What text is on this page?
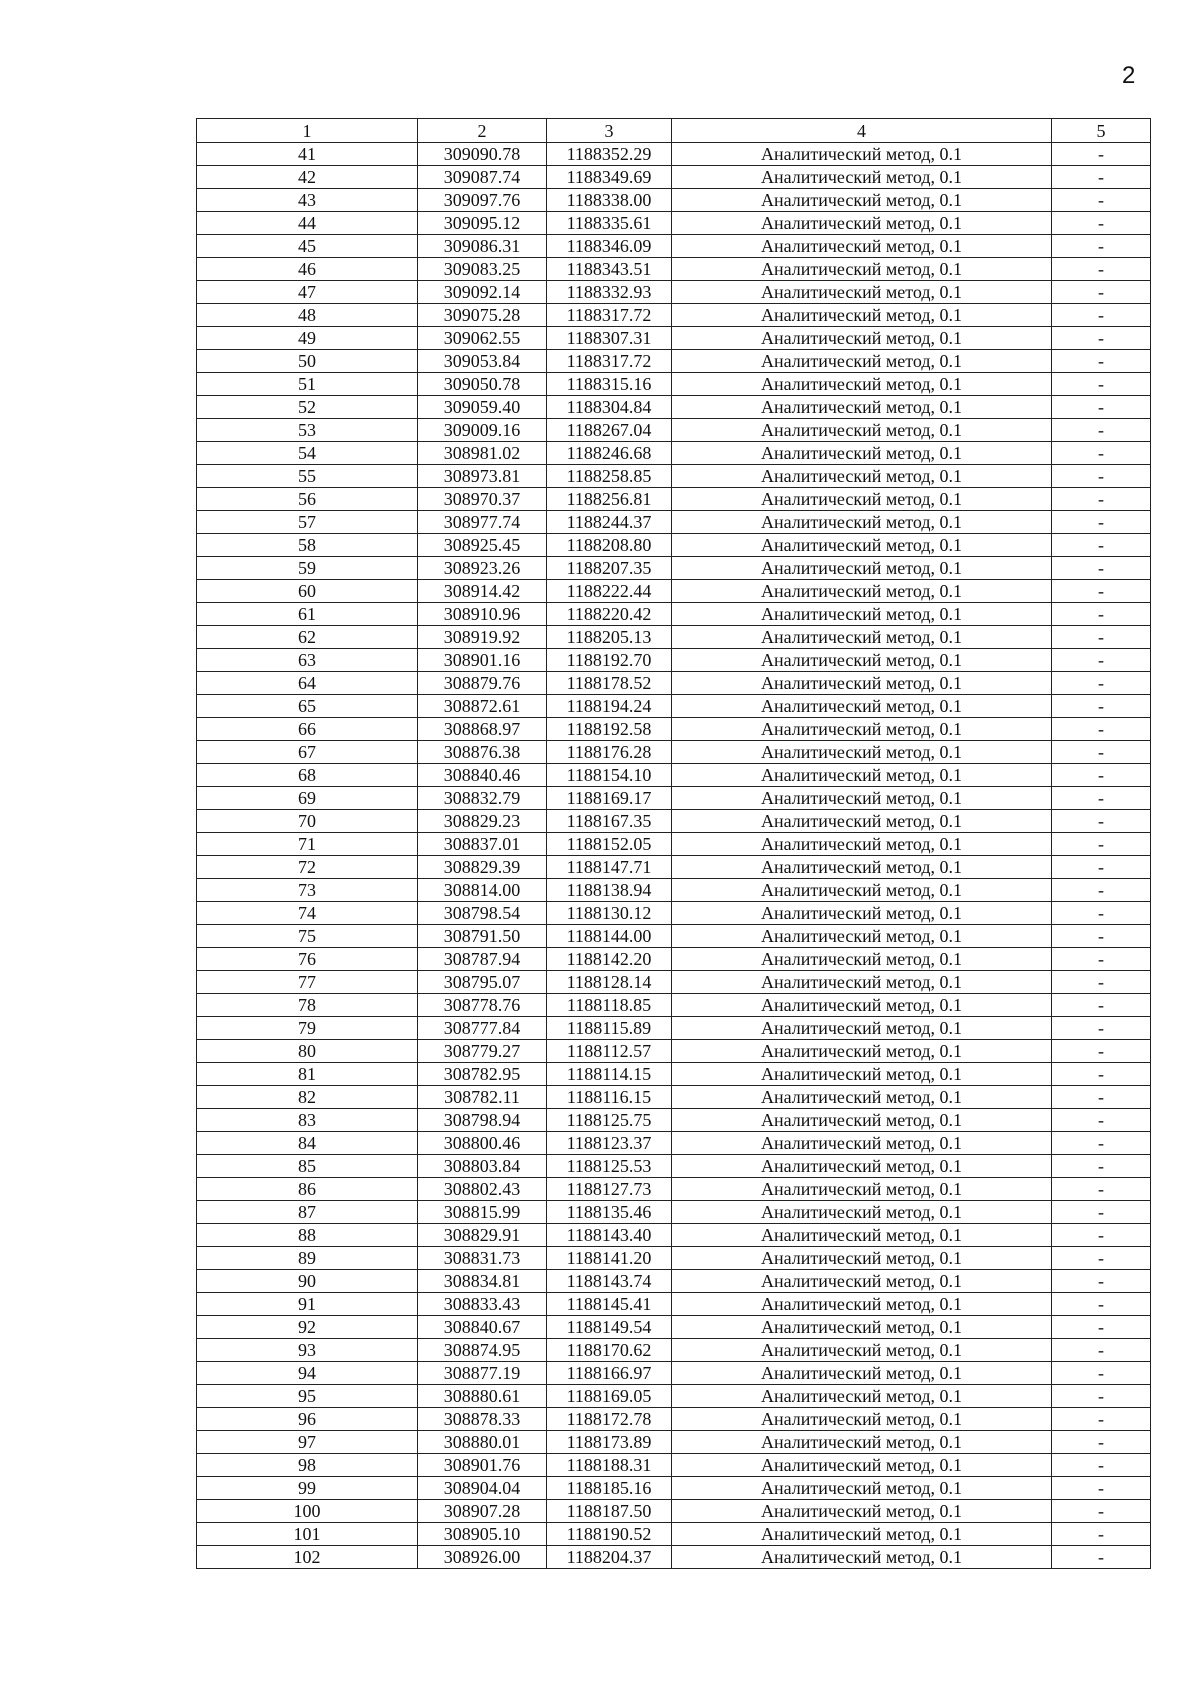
2
1	2	3	4	5
41	309090.78	1188352.29	Аналитический метод, 0.1	-
42	309087.74	1188349.69	Аналитический метод, 0.1	-
43	309097.76	1188338.00	Аналитический метод, 0.1	-
44	309095.12	1188335.61	Аналитический метод, 0.1	-
45	309086.31	1188346.09	Аналитический метод, 0.1	-
46	309083.25	1188343.51	Аналитический метод, 0.1	-
47	309092.14	1188332.93	Аналитический метод, 0.1	-
48	309075.28	1188317.72	Аналитический метод, 0.1	-
49	309062.55	1188307.31	Аналитический метод, 0.1	-
50	309053.84	1188317.72	Аналитический метод, 0.1	-
51	309050.78	1188315.16	Аналитический метод, 0.1	-
52	309059.40	1188304.84	Аналитический метод, 0.1	-
53	309009.16	1188267.04	Аналитический метод, 0.1	-
54	308981.02	1188246.68	Аналитический метод, 0.1	-
55	308973.81	1188258.85	Аналитический метод, 0.1	-
56	308970.37	1188256.81	Аналитический метод, 0.1	-
57	308977.74	1188244.37	Аналитический метод, 0.1	-
58	308925.45	1188208.80	Аналитический метод, 0.1	-
59	308923.26	1188207.35	Аналитический метод, 0.1	-
60	308914.42	1188222.44	Аналитический метод, 0.1	-
61	308910.96	1188220.42	Аналитический метод, 0.1	-
62	308919.92	1188205.13	Аналитический метод, 0.1	-
63	308901.16	1188192.70	Аналитический метод, 0.1	-
64	308879.76	1188178.52	Аналитический метод, 0.1	-
65	308872.61	1188194.24	Аналитический метод, 0.1	-
66	308868.97	1188192.58	Аналитический метод, 0.1	-
67	308876.38	1188176.28	Аналитический метод, 0.1	-
68	308840.46	1188154.10	Аналитический метод, 0.1	-
69	308832.79	1188169.17	Аналитический метод, 0.1	-
70	308829.23	1188167.35	Аналитический метод, 0.1	-
71	308837.01	1188152.05	Аналитический метод, 0.1	-
72	308829.39	1188147.71	Аналитический метод, 0.1	-
73	308814.00	1188138.94	Аналитический метод, 0.1	-
74	308798.54	1188130.12	Аналитический метод, 0.1	-
75	308791.50	1188144.00	Аналитический метод, 0.1	-
76	308787.94	1188142.20	Аналитический метод, 0.1	-
77	308795.07	1188128.14	Аналитический метод, 0.1	-
78	308778.76	1188118.85	Аналитический метод, 0.1	-
79	308777.84	1188115.89	Аналитический метод, 0.1	-
80	308779.27	1188112.57	Аналитический метод, 0.1	-
81	308782.95	1188114.15	Аналитический метод, 0.1	-
82	308782.11	1188116.15	Аналитический метод, 0.1	-
83	308798.94	1188125.75	Аналитический метод, 0.1	-
84	308800.46	1188123.37	Аналитический метод, 0.1	-
85	308803.84	1188125.53	Аналитический метод, 0.1	-
86	308802.43	1188127.73	Аналитический метод, 0.1	-
87	308815.99	1188135.46	Аналитический метод, 0.1	-
88	308829.91	1188143.40	Аналитический метод, 0.1	-
89	308831.73	1188141.20	Аналитический метод, 0.1	-
90	308834.81	1188143.74	Аналитический метод, 0.1	-
91	308833.43	1188145.41	Аналитический метод, 0.1	-
92	308840.67	1188149.54	Аналитический метод, 0.1	-
93	308874.95	1188170.62	Аналитический метод, 0.1	-
94	308877.19	1188166.97	Аналитический метод, 0.1	-
95	308880.61	1188169.05	Аналитический метод, 0.1	-
96	308878.33	1188172.78	Аналитический метод, 0.1	-
97	308880.01	1188173.89	Аналитический метод, 0.1	-
98	308901.76	1188188.31	Аналитический метод, 0.1	-
99	308904.04	1188185.16	Аналитический метод, 0.1	-
100	308907.28	1188187.50	Аналитический метод, 0.1	-
101	308905.10	1188190.52	Аналитический метод, 0.1	-
102	308926.00	1188204.37	Аналитический метод, 0.1	-
